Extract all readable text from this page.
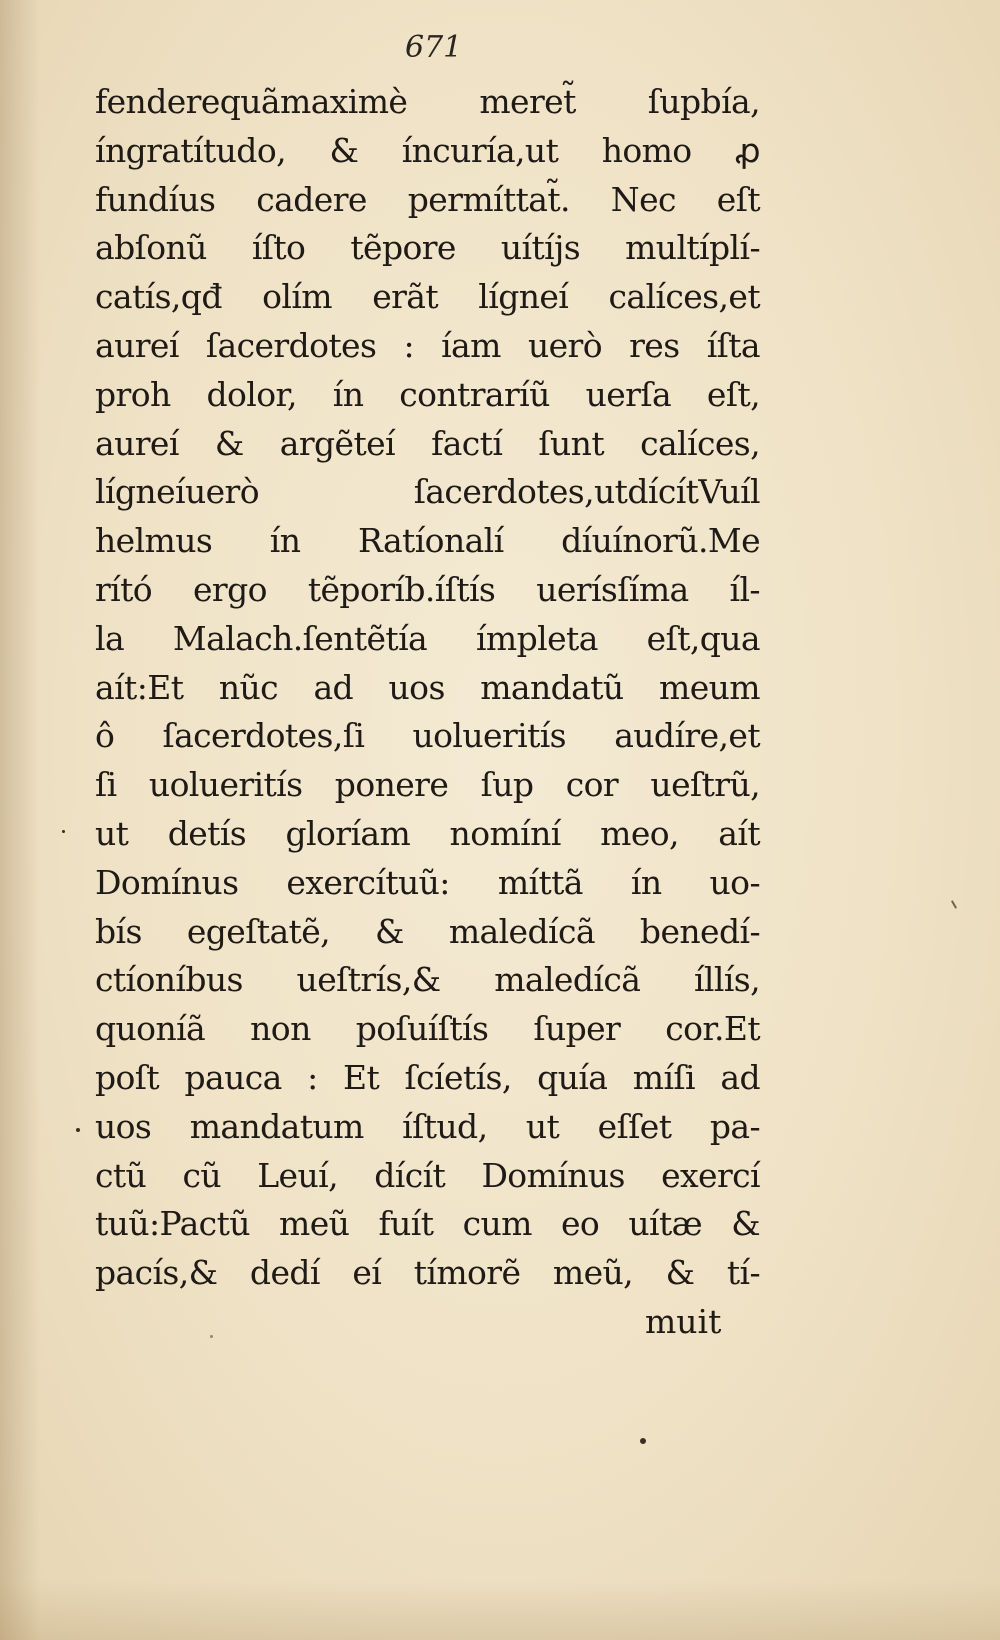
671
fenderequãmaximè meret̃ ſupbía,
íngratítudo, & íncuría,ut homo ꝓ
fundíus cadere permíttat̃. Nec eſt
abſonũ íſto tẽpore uítíjs multíplí-
catís,qđ olím erãt lígneí calíces,et
aureí ſacerdotes : íam uerò res íſta
proh dolor, ín contraríũ uerſa eſt,
aureí & argẽteí factí ſunt calíces,
lígneíuerò ſacerdotes,utdícítVuíl
helmus ín Ratíonalí díuínorũ.Me
rító ergo tẽporíb.íſtís uerísſíma íl-
la Malach.ſentẽtía ímpleta eſt,qua
aít:Et nũc ad uos mandatũ meum
ô ſacerdotes,ſi uolueritís audíre,et
ſi uolueritís ponere ſup cor ueſtrũ,
ut detís gloríam nomíní meo, aít
Domínus exercítuũ: míttã ín uo-
bís egeſtatẽ, & maledícã benedí-
ctíoníbus ueſtrís,& maledícã íllís,
quoníã non poſuíſtís ſuper cor.Et
poſt pauca : Et ſcíetís, quía míſi ad
uos mandatum íſtud, ut eſſet pa-
ctũ cũ Leuí, dícít Domínus exercí
tuũ:Pactũ meũ fuít cum eo uítæ &
pacís,& dedí eí tímorẽ meũ, & tí-
muit
